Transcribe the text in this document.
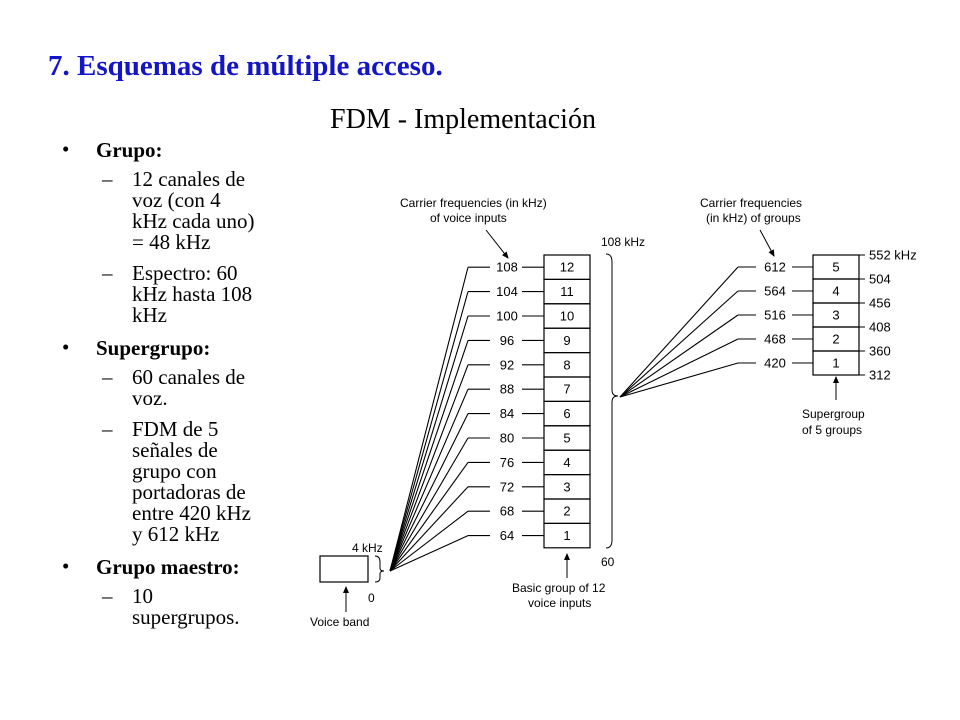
7. Esquemas de múltiple acceso.
FDM - Implementación
• Grupo:
– 12 canales de
voz (con 4
kHz cada uno)
= 48 kHz
– Espectro: 60
kHz hasta 108
kHz
• Supergrupo:
– 60 canales de
voz.
– FDM de 5
señales de
grupo con
portadoras de
entre 420 kHz
y 612 kHz
• Grupo maestro:
– 10
supergrupos.
4 kHz
0
Voice band
Carrier frequencies (in kHz)
of voice inputs
108
104
100
96
92
88
84
80
76
72
68
64
12
11
10
9
8
7
6
5
4
3
2
1
108 kHz
60
Basic group of 12
voice inputs
Carrier frequencies
(in kHz) of groups
612
564
516
468
420
5
4
3
2
1
552 kHz
504
456
408
360
312
Supergroup
of 5 groups
